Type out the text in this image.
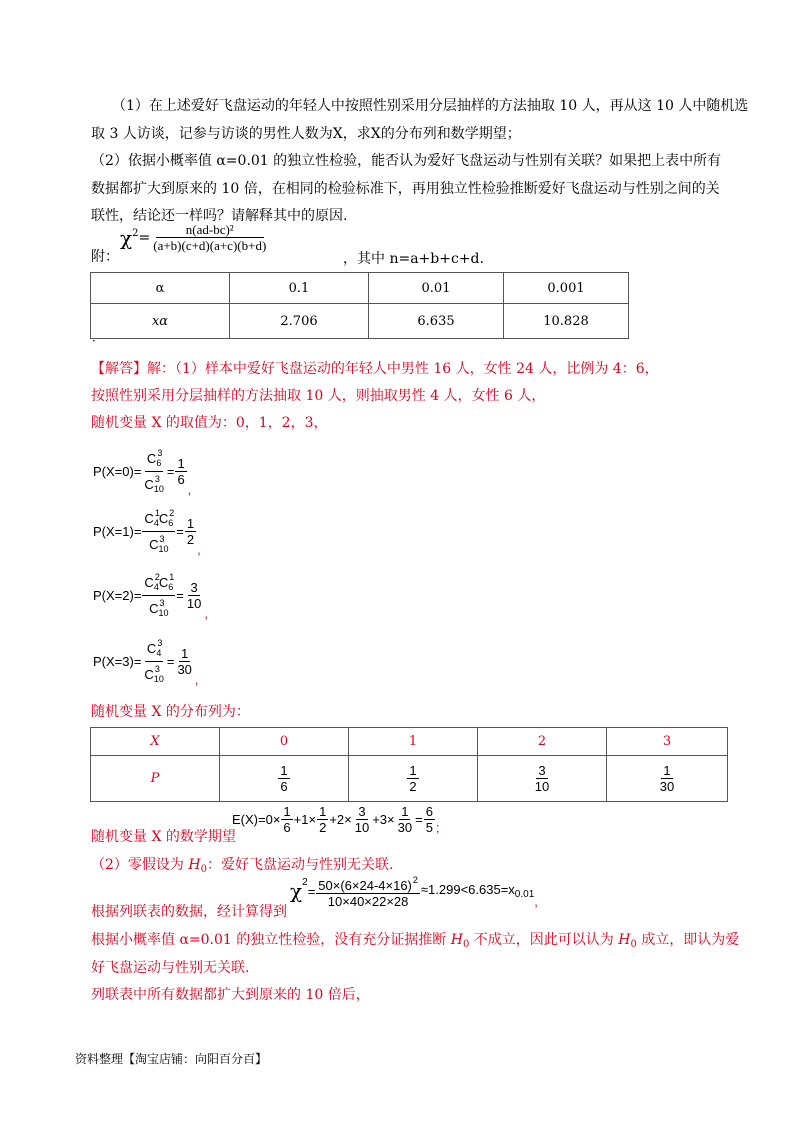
（1）在上述爱好飞盘运动的年轻人中按照性别采用分层抽样的方法抽取 10 人，再从这 10 人中随机选
取 3 人访谈，记参与访谈的男性人数为X，求X的分布列和数学期望；
（2）依据小概率值 α=0.01 的独立性检验，能否认为爱好飞盘运动与性别有关联？如果把上表中所有
数据都扩大到原来的 10 倍，在相同的检验标准下，再用独立性检验推断爱好飞盘运动与性别之间的关
联性，结论还一样吗？请解释其中的原因.
附：
χ $2 = \frac{\text{n(ad-bc)²}}{(a+b)(c+d)(a+c)(b+d)}$
，其中 n=a+b+c+d.
α	0.1	0.01	0.001
xα	2.706	6.635	10.828
·
【解答】解：（1）样本中爱好飞盘运动的年轻人中男性 16 人，女性 24 人，比例为 4：6，
按照性别采用分层抽样的方法抽取 10 人，则抽取男性 4 人，女性 6 人，
随机变量 X 的取值为：0，1，2，3，
$P(X=0)= \frac{C^3_6}{C^3_{10}} = \frac{1}{6}$
,
$P(X=1)= \frac{C^1_4C^2_6}{C^3_{10}} = \frac{1}{2}$
,
$P(X=2)= \frac{C^2_4C^1_6}{C^3_{10}} = \frac{3}{10}$
,
$P(X=3)= \frac{C^3_4}{C^3_{10}} = \frac{1}{30}$
,
随机变量 X 的分布列为：
X	0	1	2	3
P	$\frac{1}{6}$	$\frac{1}{2}$	$\frac{3}{10}$	$\frac{1}{30}$
随机变量 X 的数学期望
$E(X)=0\times \frac{1}{6} +1\times \frac{1}{2} +2\times \frac{3}{10} +3\times \frac{1}{30} = \frac{6}{5}$ ;
（2）零假设为 $H_0$：爱好飞盘运动与性别无关联.
根据列联表的数据，经计算得到
χ 2
= $\frac{50\times(6\times 24-4\times 16)^2}{10\times 40\times 22\times 28} \approx 1.299<6.635=x_{0.01}$ ,
根据小概率值 α=0.01 的独立性检验，没有充分证据推断 $H_0$ 不成立，因此可以认为 $H_0$ 成立，即认为爱
好飞盘运动与性别无关联.
列联表中所有数据都扩大到原来的 10 倍后，
资料整理【淘宝店铺：向阳百分百】
